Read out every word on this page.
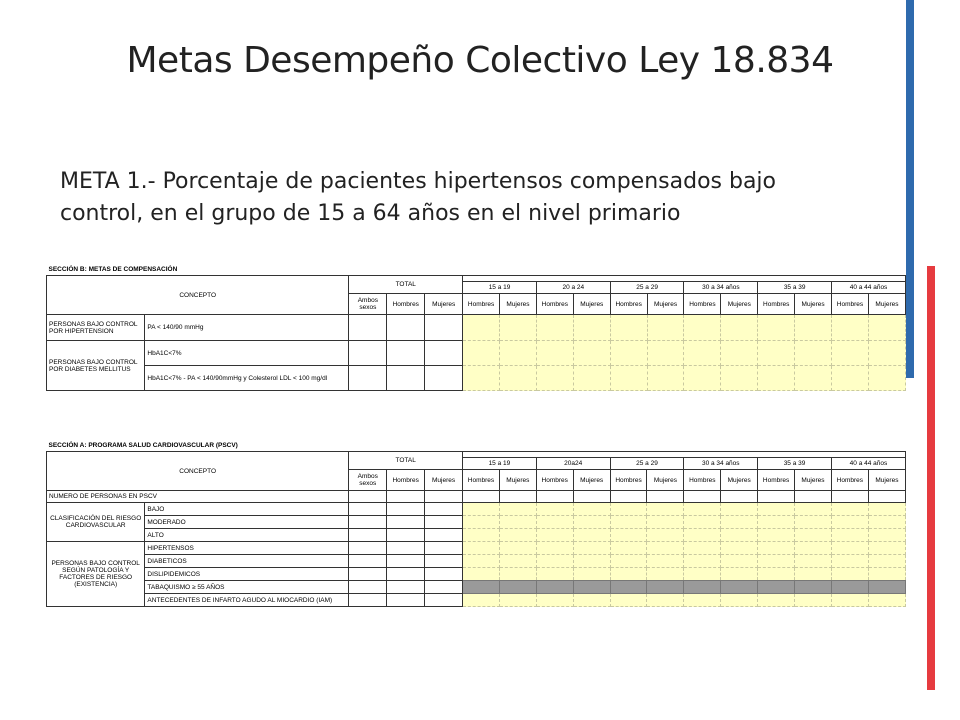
Metas Desempeño Colectivo Ley 18.834
META 1.- Porcentaje de pacientes hipertensos compensados bajo control, en el grupo de 15 a 64 años en el nivel primario
SECCIÓN B: METAS DE COMPENSACIÓN																
CONCEPTO		TOTAL														
					15 a 19		20 a 24		25 a 29		30 a 34 años		35 a 39		40 a 44 años	
		Ambos sexos	Hombres	Mujeres	Hombres	Mujeres	Hombres	Mujeres	Hombres	Mujeres	Hombres	Mujeres	Hombres	Mujeres	Hombres	Mujeres
PERSONAS BAJO CONTROL POR HIPERTENSION	PA < 140/90 mmHg															
PERSONAS BAJO CONTROL POR DIABETES MELLITUS	HbA1C<7%															
	HbA1C<7% - PA < 140/90mmHg y Colesterol LDL < 100 mg/dl															
SECCIÓN A: PROGRAMA SALUD CARDIOVASCULAR (PSCV)																
CONCEPTO		TOTAL														
					15 a 19		20a24		25 a 29		30 a 34 años		35 a 39		40 a 44 años	
		Ambos sexos	Hombres	Mujeres	Hombres	Mujeres	Hombres	Mujeres	Hombres	Mujeres	Hombres	Mujeres	Hombres	Mujeres	Hombres	Mujeres
NUMERO DE PERSONAS EN PSCV																
CLASIFICACIÓN DEL RIESGO CARDIOVASCULAR	BAJO															
	MODERADO															
	ALTO															
PERSONAS BAJO CONTROL SEGÚN PATOLOGÍA Y FACTORES DE RIESGO (EXISTENCIA)	HIPERTENSOS															
	DIABETICOS															
	DISLIPIDEMICOS															
	TABAQUISMO ≥ 55 AÑOS															
	ANTECEDENTES DE INFARTO AGUDO AL MIOCARDIO (IAM)															
